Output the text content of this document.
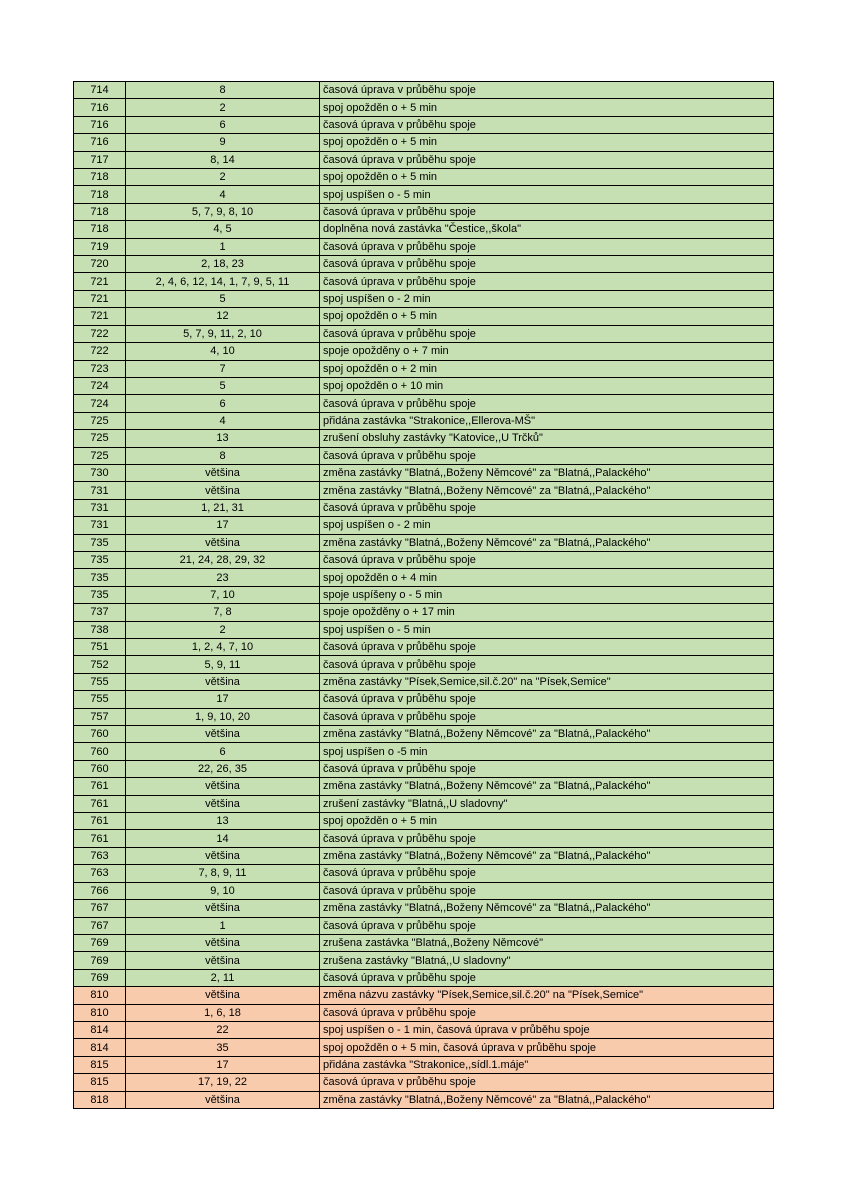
714	8	časová úprava v průběhu spoje
716	2	spoj opožděn o + 5 min
716	6	časová úprava v průběhu spoje
716	9	spoj opožděn o + 5 min
717	8, 14	časová úprava v průběhu spoje
718	2	spoj opožděn o + 5 min
718	4	spoj uspíšen o - 5 min
718	5, 7, 9, 8, 10	časová úprava v průběhu spoje
718	4, 5	doplněna nová zastávka "Čestice,,škola"
719	1	časová úprava v průběhu spoje
720	2, 18, 23	časová úprava v průběhu spoje
721	2, 4, 6, 12, 14, 1, 7, 9, 5, 11	časová úprava v průběhu spoje
721	5	spoj uspíšen o - 2 min
721	12	spoj opožděn o + 5 min
722	5, 7, 9, 11, 2, 10	časová úprava v průběhu spoje
722	4, 10	spoje opožděny o + 7 min
723	7	spoj opožděn o + 2 min
724	5	spoj opožděn o + 10 min
724	6	časová úprava v průběhu spoje
725	4	přidána zastávka "Strakonice,,Ellerova-MŠ"
725	13	zrušení obsluhy zastávky "Katovice,,U Trčků"
725	8	časová úprava v průběhu spoje
730	většina	změna zastávky "Blatná,,Boženy Němcové" za "Blatná,,Palackého"
731	většina	změna zastávky "Blatná,,Boženy Němcové" za "Blatná,,Palackého"
731	1, 21, 31	časová úprava v průběhu spoje
731	17	spoj uspíšen o - 2 min
735	většina	změna zastávky "Blatná,,Boženy Němcové" za "Blatná,,Palackého"
735	21, 24, 28, 29, 32	časová úprava v průběhu spoje
735	23	spoj opožděn o + 4 min
735	7, 10	spoje uspíšeny o - 5 min
737	7, 8	spoje opožděny o + 17 min
738	2	spoj uspíšen o - 5 min
751	1, 2, 4, 7, 10	časová úprava v průběhu spoje
752	5, 9, 11	časová úprava v průběhu spoje
755	většina	změna zastávky "Písek,Semice,sil.č.20" na "Písek,Semice"
755	17	časová úprava v průběhu spoje
757	1, 9, 10, 20	časová úprava v průběhu spoje
760	většina	změna zastávky "Blatná,,Boženy Němcové" za "Blatná,,Palackého"
760	6	spoj uspíšen o -5 min
760	22, 26, 35	časová úprava v průběhu spoje
761	většina	změna zastávky "Blatná,,Boženy Němcové" za "Blatná,,Palackého"
761	většina	zrušení zastávky "Blatná,,U sladovny"
761	13	spoj opožděn o + 5 min
761	14	časová úprava v průběhu spoje
763	většina	změna zastávky "Blatná,,Boženy Němcové" za "Blatná,,Palackého"
763	7, 8, 9, 11	časová úprava v průběhu spoje
766	9, 10	časová úprava v průběhu spoje
767	většina	změna zastávky "Blatná,,Boženy Němcové" za "Blatná,,Palackého"
767	1	časová úprava v průběhu spoje
769	většina	zrušena zastávka "Blatná,,Boženy Němcové"
769	většina	zrušena zastávky "Blatná,,U sladovny"
769	2, 11	časová úprava v průběhu spoje
810	většina	změna názvu zastávky "Písek,Semice,sil.č.20" na "Písek,Semice"
810	1, 6, 18	časová úprava v průběhu spoje
814	22	spoj uspíšen o - 1 min, časová úprava v průběhu spoje
814	35	spoj opožděn o + 5 min, časová úprava v průběhu spoje
815	17	přidána zastávka "Strakonice,,sídl.1.máje"
815	17, 19, 22	časová úprava v průběhu spoje
818	většina	změna zastávky "Blatná,,Boženy Němcové" za "Blatná,,Palackého"
